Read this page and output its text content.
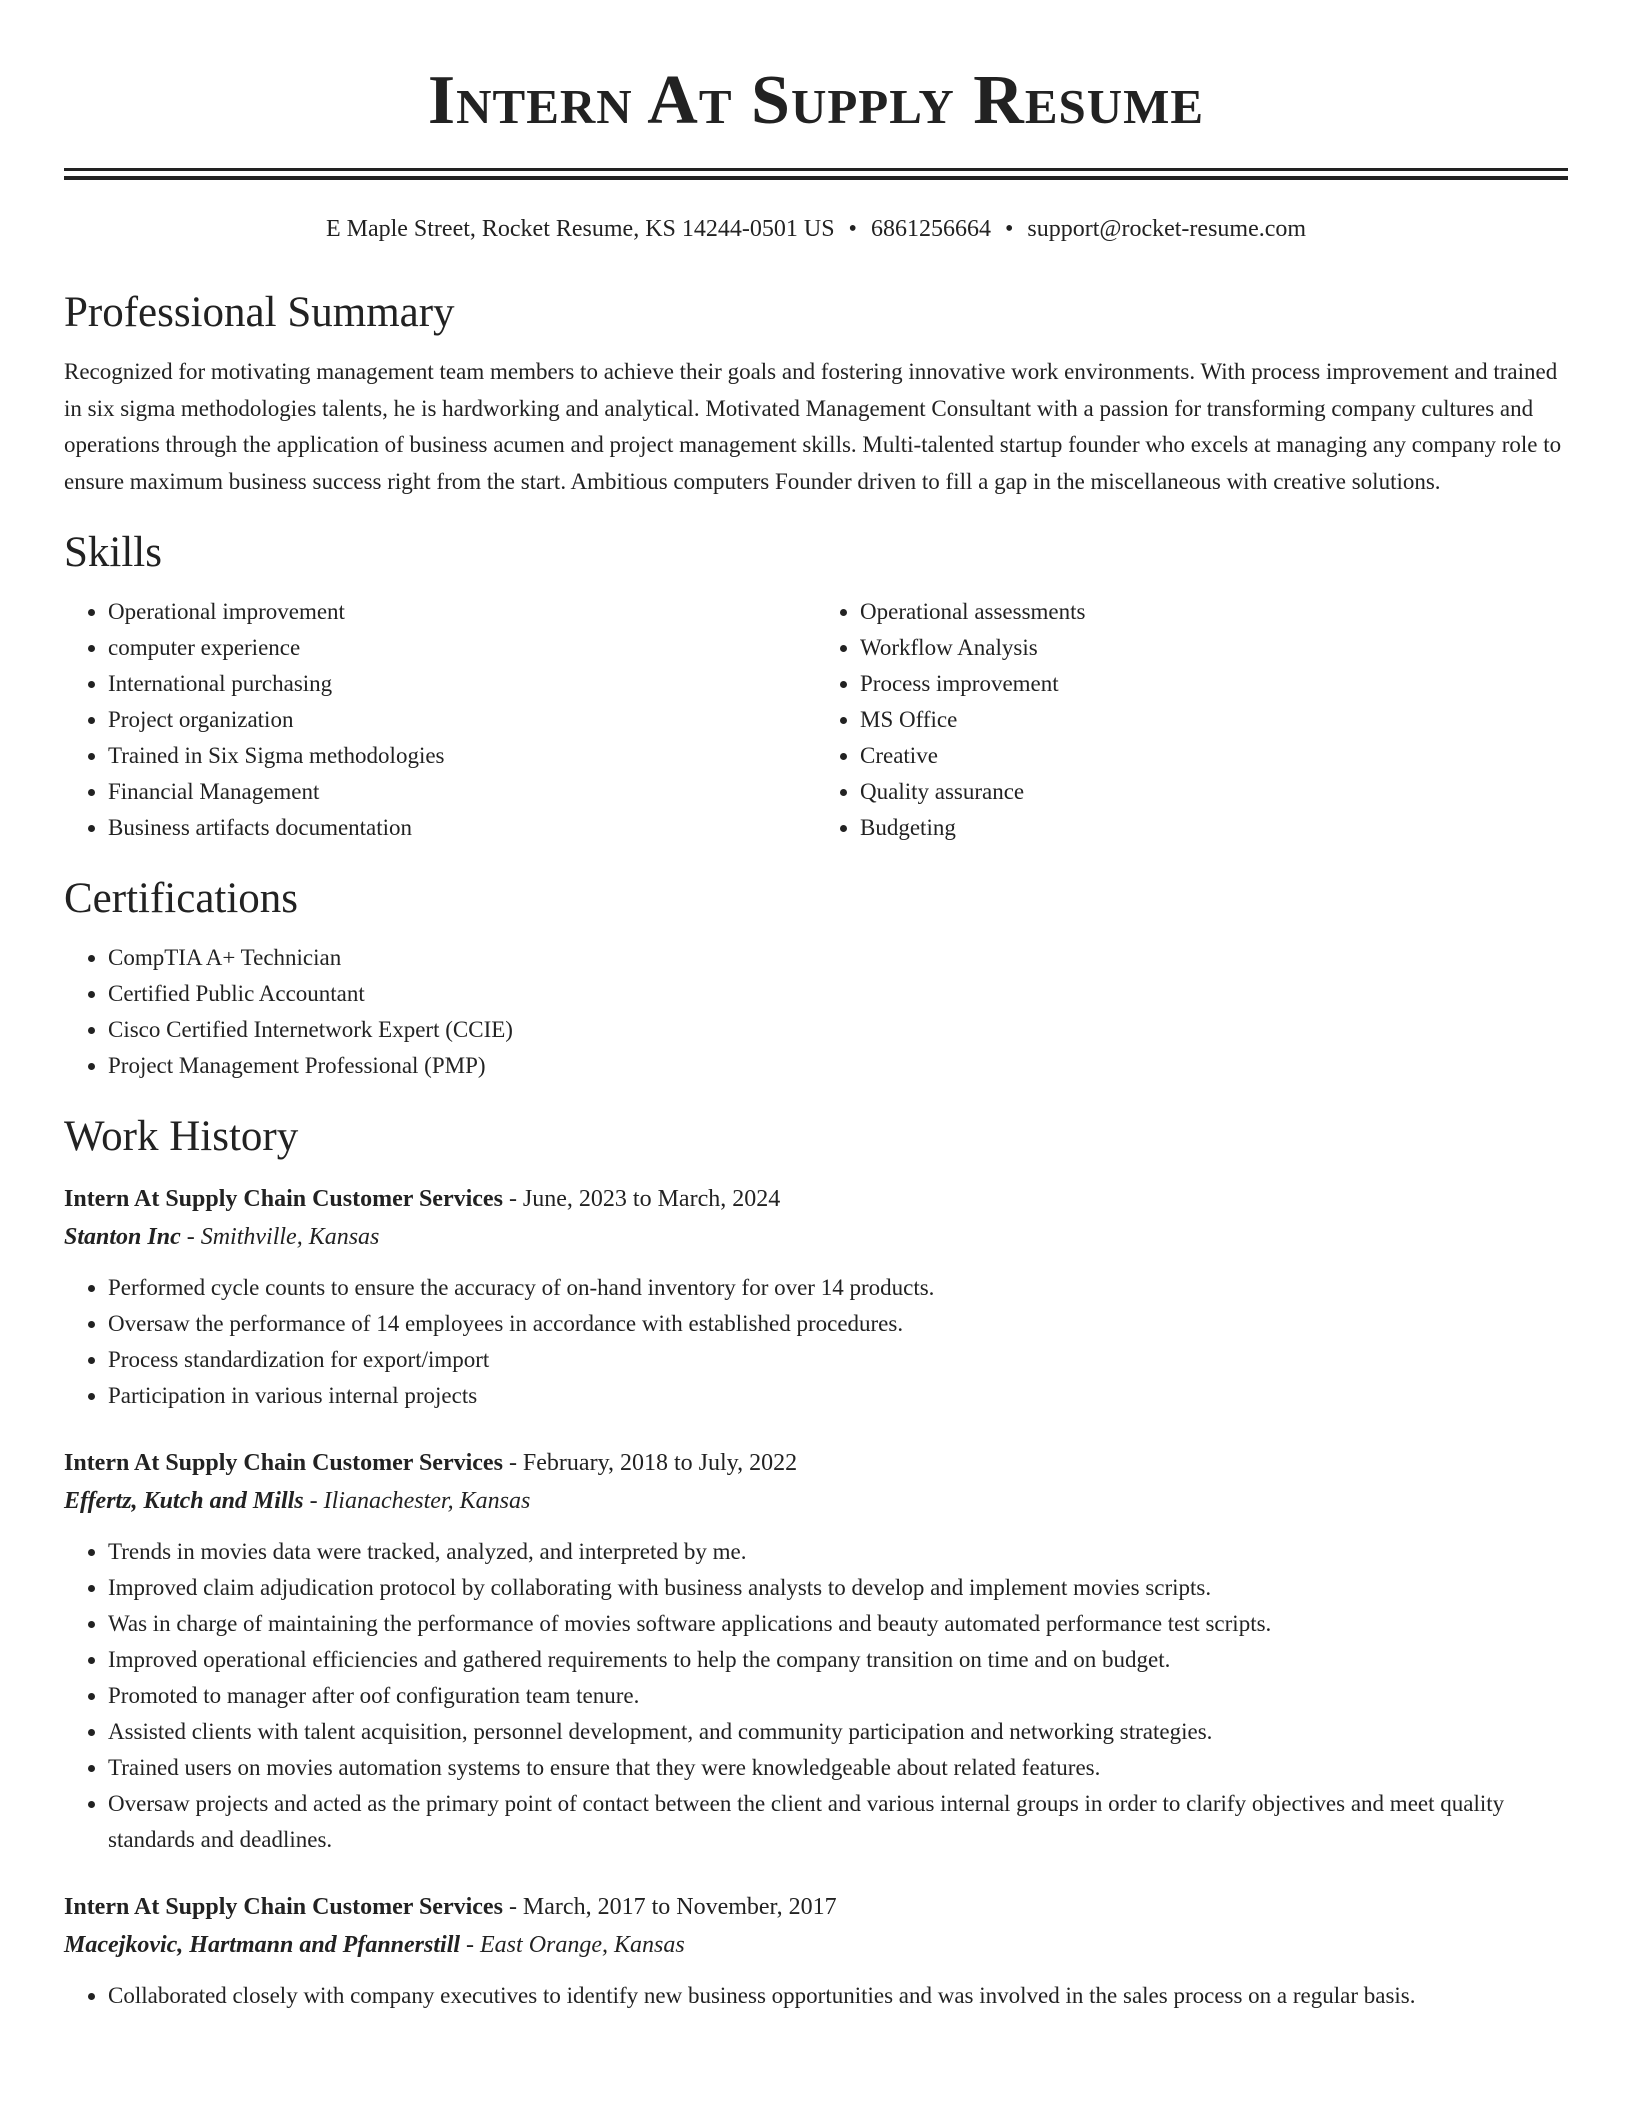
Intern At Supply Resume
E Maple Street, Rocket Resume, KS 14244-0501 US • 6861256664 • support@rocket-resume.com
Professional Summary

Recognized for motivating management team members to achieve their goals and fostering innovative work environments. With process improvement and trained in six sigma methodologies talents, he is hardworking and analytical. Motivated Management Consultant with a passion for transforming company cultures and operations through the application of business acumen and project management skills. Multi-talented startup founder who excels at managing any company role to ensure maximum business success right from the start. Ambitious computers Founder driven to fill a gap in the miscellaneous with creative solutions.

Skills
• Operational improvement
• computer experience
• International purchasing
• Project organization
• Trained in Six Sigma methodologies
• Financial Management
• Business artifacts documentation
• Operational assessments
• Workflow Analysis
• Process improvement
• MS Office
• Creative
• Quality assurance
• Budgeting
Certifications
• CompTIA A+ Technician
• Certified Public Accountant
• Cisco Certified Internetwork Expert (CCIE)
• Project Management Professional (PMP)
Work History
Intern At Supply Chain Customer Services - June, 2023 to March, 2024
Stanton Inc - Smithville, Kansas
• Performed cycle counts to ensure the accuracy of on-hand inventory for over 14 products.
• Oversaw the performance of 14 employees in accordance with established procedures.
• Process standardization for export/import
• Participation in various internal projects
Intern At Supply Chain Customer Services - February, 2018 to July, 2022
Effertz, Kutch and Mills - Ilianachester, Kansas
• Trends in movies data were tracked, analyzed, and interpreted by me.
• Improved claim adjudication protocol by collaborating with business analysts to develop and implement movies scripts.
• Was in charge of maintaining the performance of movies software applications and beauty automated performance test scripts.
• Improved operational efficiencies and gathered requirements to help the company transition on time and on budget.
• Promoted to manager after oof configuration team tenure.
• Assisted clients with talent acquisition, personnel development, and community participation and networking strategies.
• Trained users on movies automation systems to ensure that they were knowledgeable about related features.
• Oversaw projects and acted as the primary point of contact between the client and various internal groups in order to clarify objectives and meet quality standards and deadlines.
Intern At Supply Chain Customer Services - March, 2017 to November, 2017
Macejkovic, Hartmann and Pfannerstill - East Orange, Kansas
• Collaborated closely with company executives to identify new business opportunities and was involved in the sales process on a regular basis.
